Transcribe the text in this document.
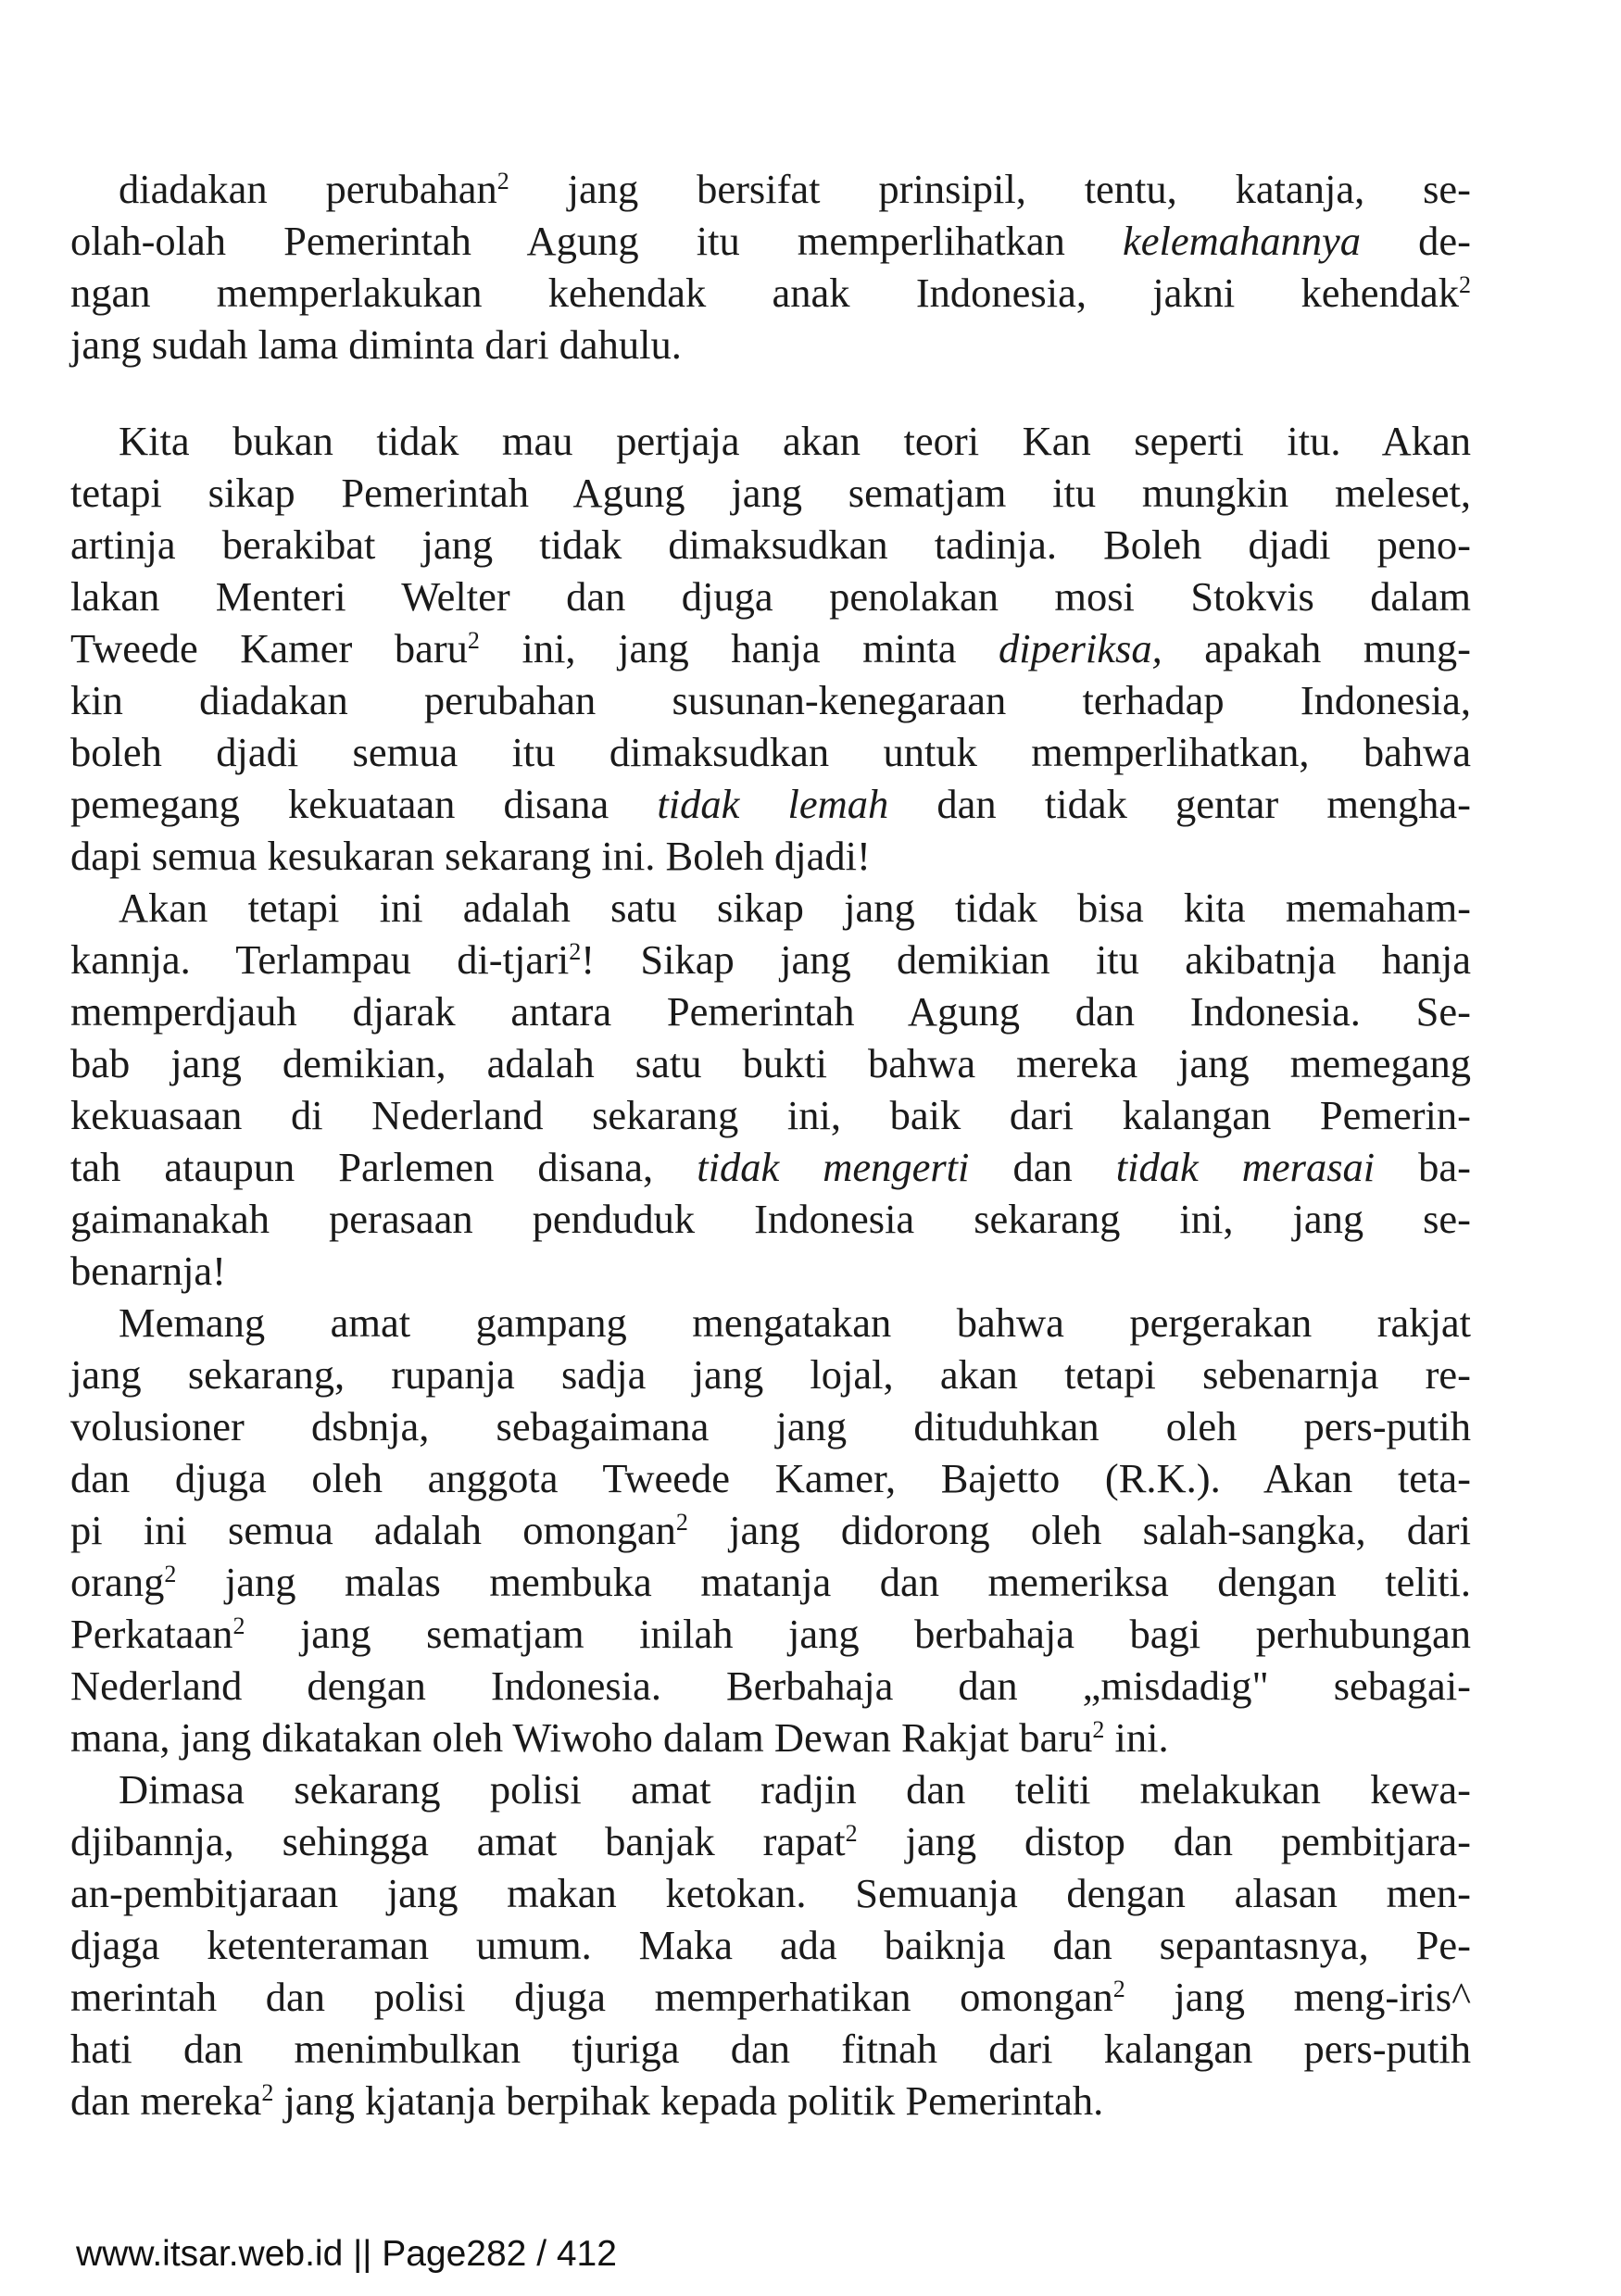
diadakan perubahan$^2$ jang bersifat prinsipil, tentu, katanja, se-
olah-olah Pemerintah Agung itu memperlihatkan kelemahannya de-
ngan memperlakukan kehendak anak Indonesia, jakni kehendak$^2$
jang sudah lama diminta dari dahulu.
Kita bukan tidak mau pertjaja akan teori Kan seperti itu. Akan
tetapi sikap Pemerintah Agung jang sematjam itu mungkin meleset,
artinja berakibat jang tidak dimaksudkan tadinja. Boleh djadi peno-
lakan Menteri Welter dan djuga penolakan mosi Stokvis dalam
Tweede Kamer baru$^2$ ini, jang hanja minta diperiksa, apakah mung-
kin diadakan perubahan susunan-kenegaraan terhadap Indonesia,
boleh djadi semua itu dimaksudkan untuk memperlihatkan, bahwa
pemegang kekuataan disana tidak lemah dan tidak gentar mengha-
dapi semua kesukaran sekarang ini. Boleh djadi!
Akan tetapi ini adalah satu sikap jang tidak bisa kita memaham-
kannja. Terlampau di-tjari$^2$! Sikap jang demikian itu akibatnja hanja
memperdjauh djarak antara Pemerintah Agung dan Indonesia. Se-
bab jang demikian, adalah satu bukti bahwa mereka jang memegang
kekuasaan di Nederland sekarang ini, baik dari kalangan Pemerin-
tah ataupun Parlemen disana, tidak mengerti dan tidak merasai ba-
gaimanakah perasaan penduduk Indonesia sekarang ini, jang se-
benarnja!
Memang amat gampang mengatakan bahwa pergerakan rakjat
jang sekarang, rupanja sadja jang lojal, akan tetapi sebenarnja re-
volusioner dsbnja, sebagaimana jang dituduhkan oleh pers-putih
dan djuga oleh anggota Tweede Kamer, Bajetto (R.K.). Akan teta-
pi ini semua adalah omongan$^2$ jang didorong oleh salah-sangka, dari
orang$^2$ jang malas membuka matanja dan memeriksa dengan teliti.
Perkataan$^2$ jang sematjam inilah jang berbahaja bagi perhubungan
Nederland dengan Indonesia. Berbahaja dan „misdadig" sebagai-
mana, jang dikatakan oleh Wiwoho dalam Dewan Rakjat baru$^2$ ini.
Dimasa sekarang polisi amat radjin dan teliti melakukan kewa-
djibannja, sehingga amat banjak rapat$^2$ jang distop dan pembitjara-
an-pembitjaraan jang makan ketokan. Semuanja dengan alasan men-
djaga ketenteraman umum. Maka ada baiknja dan sepantasnya, Pe-
merintah dan polisi djuga memperhatikan omongan$^2$ jang meng-iris^
hati dan menimbulkan tjuriga dan fitnah dari kalangan pers-putih
dan mereka$^2$ jang kjatanja berpihak kepada politik Pemerintah.
www.itsar.web.id || Page282 / 412
